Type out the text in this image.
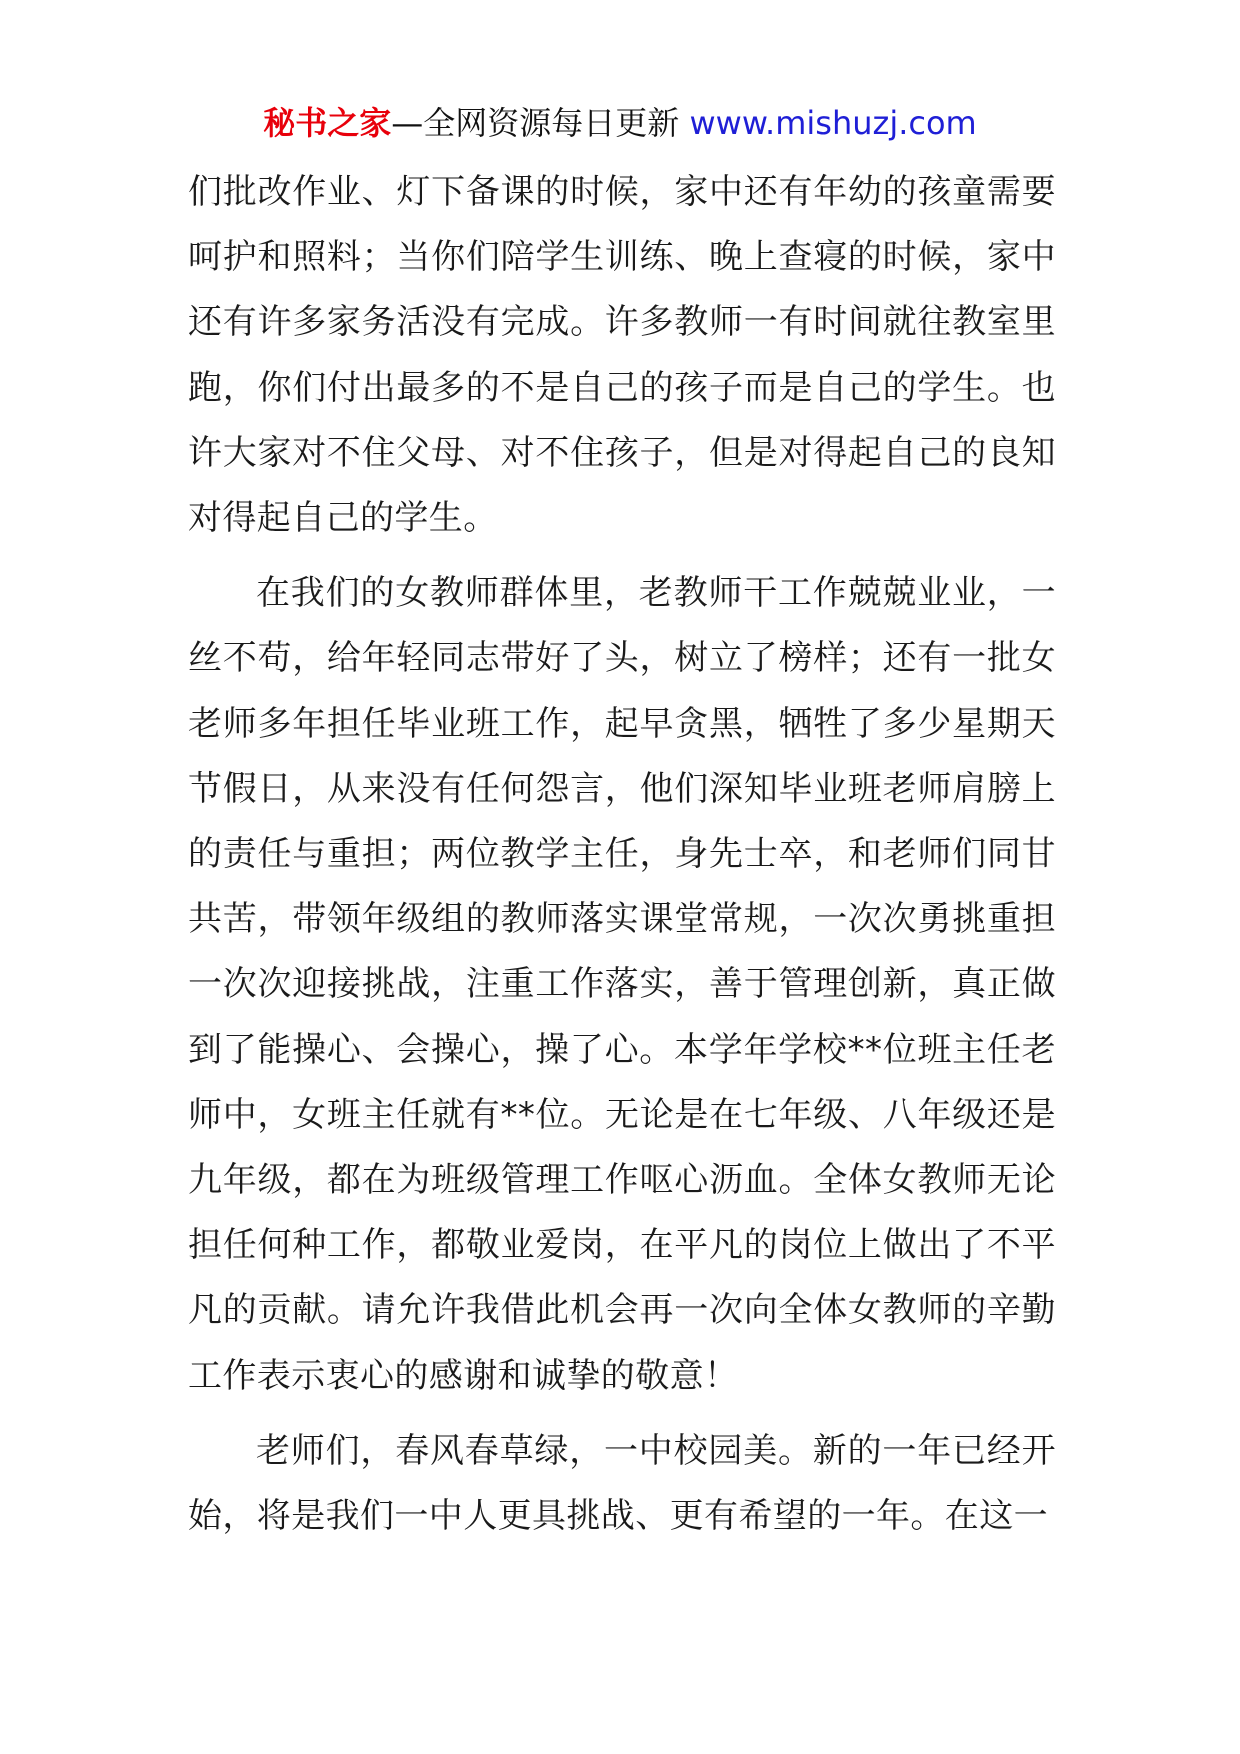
秘书之家—全网资源每日更新 www.mishuzj.com

们批改作业、灯下备课的时候，家中还有年幼的孩童需要呵护和照料；当你们陪学生训练、晚上查寝的时候，家中还有许多家务活没有完成。许多教师一有时间就往教室里跑，你们付出最多的不是自己的孩子而是自己的学生。也许大家对不住父母、对不住孩子，但是对得起自己的良知对得起自己的学生。

在我们的女教师群体里，老教师干工作兢兢业业，一丝不苟，给年轻同志带好了头，树立了榜样；还有一批女老师多年担任毕业班工作，起早贪黑，牺牲了多少星期天节假日，从来没有任何怨言，他们深知毕业班老师肩膀上的责任与重担；两位教学主任，身先士卒，和老师们同甘共苦，带领年级组的教师落实课堂常规，一次次勇挑重担一次次迎接挑战，注重工作落实，善于管理创新，真正做到了能操心、会操心，操了心。本学年学校**位班主任老师中，女班主任就有**位。无论是在七年级、八年级还是九年级，都在为班级管理工作呕心沥血。全体女教师无论担任何种工作，都敬业爱岗，在平凡的岗位上做出了不平凡的贡献。请允许我借此机会再一次向全体女教师的辛勤工作表示衷心的感谢和诚挚的敬意！

老师们，春风春草绿，一中校园美。新的一年已经开始，将是我们一中人更具挑战、更有希望的一年。在这一
